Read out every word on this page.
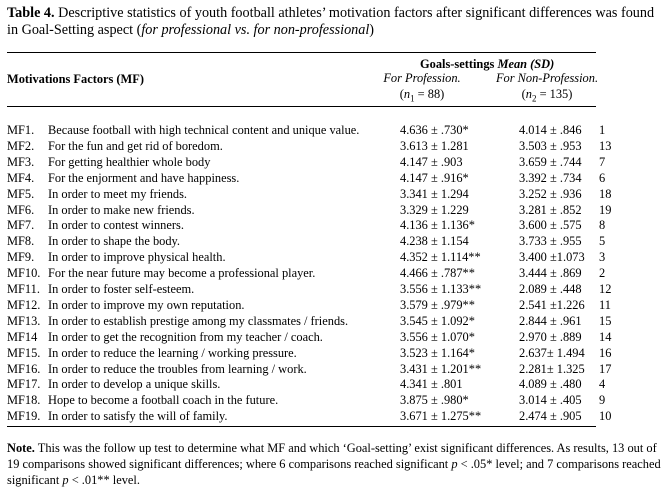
Table 4. Descriptive statistics of youth football athletes’ motivation factors after significant differences was found in Goal-Setting aspect (for professional vs. for non-professional)
Goals-settings Mean (SD)
Motivations Factors (MF)	For Profession.	For Non-Profession.
$(n_1 = 88)$	$(n_2 = 135)$
MF1. Because football with high technical content and unique value.	4.636 ± .730*	4.014 ± .846 1
MF2. For the fun and get rid of boredom.	3.613 ± 1.281	3.503 ± .953 13
MF3. For getting healthier whole body	4.147 ± .903	3.659 ± .744 7
MF4. For the enjorment and have happiness.	4.147 ± .916*	3.392 ± .734 6
MF5. In order to meet my friends.	3.341 ± 1.294	3.252 ± .936 18
MF6. In order to make new friends.	3.329 ± 1.229	3.281 ± .852 19
MF7. In order to contest winners.	4.136 ± 1.136*	3.600 ± .575 8
MF8. In order to shape the body.	4.238 ± 1.154	3.733 ± .955 5
MF9. In order to improve physical health.	4.352 ± 1.114**	3.400 ±1.073 3
MF10. For the near future may become a professional player.	4.466 ± .787**	3.444 ± .869 2
MF11. In order to foster self-esteem.	3.556 ± 1.133**	2.089 ± .448 12
MF12. In order to improve my own reputation.	3.579 ± .979**	2.541 ±1.226 11
MF13. In order to establish prestige among my classmates / friends.	3.545 ± 1.092*	2.844 ± .961 15
MF14 In order to get the recognition from my teacher / coach.	3.556 ± 1.070*	2.970 ± .889 14
MF15. In order to reduce the learning / working pressure.	3.523 ± 1.164*	2.637± 1.494 16
MF16. In order to reduce the troubles from learning / work.	3.431 ± 1.201**	2.281± 1.325 17
MF17. In order to develop a unique skills.	4.341 ± .801	4.089 ± .480 4
MF18. Hope to become a football coach in the future.	3.875 ± .980*	3.014 ± .405 9
MF19. In order to satisfy the will of family.	3.671 ± 1.275**	2.474 ± .905 10
Note. This was the follow up test to determine what MF and which ‘Goal-setting’ exist significant differences. As results, 13 out of 19 comparisons showed significant differences; where 6 comparisons reached significant p < .05* level; and 7 comparisons reached significant p < .01** level.
